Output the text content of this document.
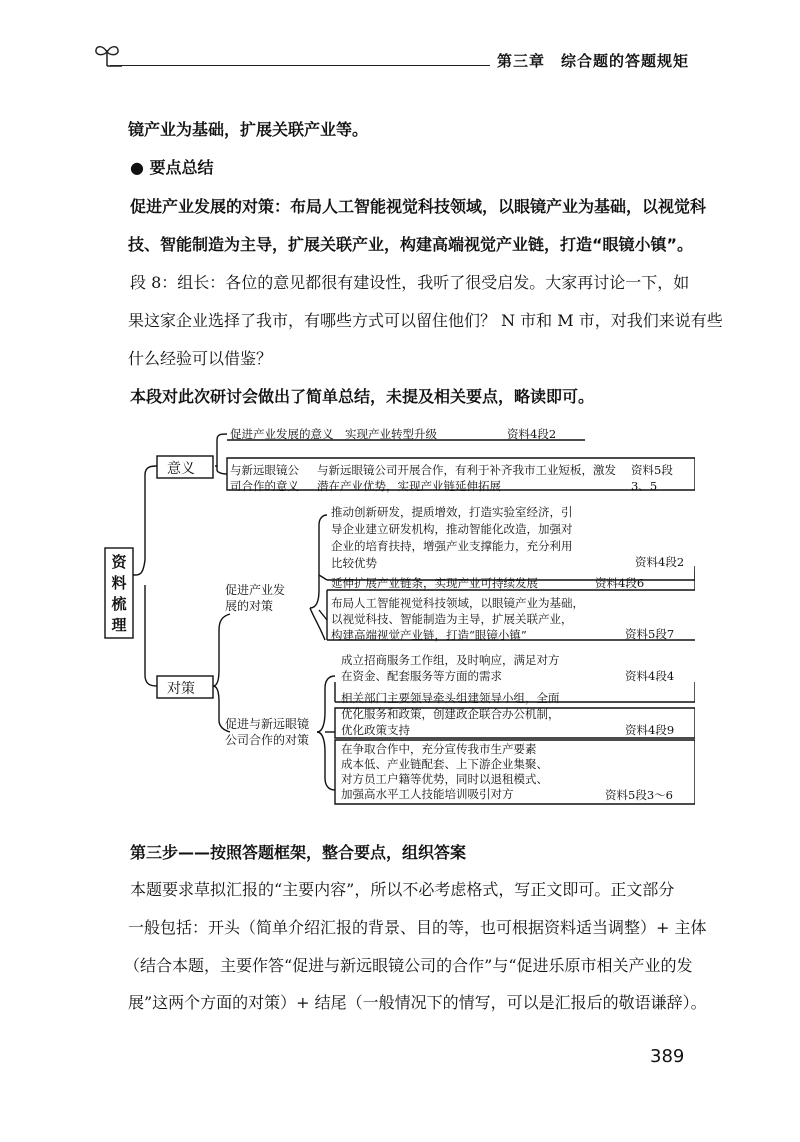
第三章　综合题的答题规矩
镜产业为基础，扩展关联产业等。
● 要点总结
促进产业发展的对策：布局人工智能视觉科技领域，以眼镜产业为基础，以视觉科
技、智能制造为主导，扩展关联产业，构建高端视觉产业链，打造“眼镜小镇”。
段 8：组长：各位的意见都很有建设性，我听了很受启发。大家再讨论一下，如
果这家企业选择了我市，有哪些方式可以留住他们？ N 市和 M 市，对我们来说有些
什么经验可以借鉴？
本段对此次研讨会做出了简单总结，未提及相关要点，略读即可。
资料梳理
意义
对策
促进产业发展的意义　实现产业转型升级	资料4段2
与新远眼镜公司合作的意义
与新远眼镜公司开展合作，有利于补齐我市工业短板，激发潜在产业优势，实现产业链延伸拓展
资料5段3、5
促进产业发展的对策
推动创新研发，提质增效，打造实验室经济，引
导企业建立研发机构，推动智能化改造，加强对
企业的培育扶持，增强产业支撑能力，充分利用
比较优势	资料4段2
延伸扩展产业链条，实现产业可持续发展	资料4段6
布局人工智能视觉科技领域，以眼镜产业为基础，
以视觉科技、智能制造为主导，扩展关联产业，
构建高端视觉产业链，打造“眼镜小镇”	资料5段7
促进与新远眼镜公司合作的对策
成立招商服务工作组，及时响应，满足对方
在资金、配套服务等方面的需求	资料4段4
相关部门主要领导牵头组建领导小组，全面
优化服务和政策，创建政企联合办公机制，
优化政策支持	资料4段9
在争取合作中，充分宣传我市生产要素
成本低、产业链配套、上下游企业集聚、
对方员工户籍等优势，同时以退租模式、
加强高水平工人技能培训吸引对方	资料5段3～6
第三步——按照答题框架，整合要点，组织答案
本题要求草拟汇报的“主要内容”，所以不必考虑格式，写正文即可。正文部分
一般包括：开头（简单介绍汇报的背景、目的等，也可根据资料适当调整）+ 主体
（结合本题，主要作答“促进与新远眼镜公司的合作”与“促进乐原市相关产业的发
展”这两个方面的对策）+ 结尾（一般情况下的情写，可以是汇报后的敬语谦辞）。
389
